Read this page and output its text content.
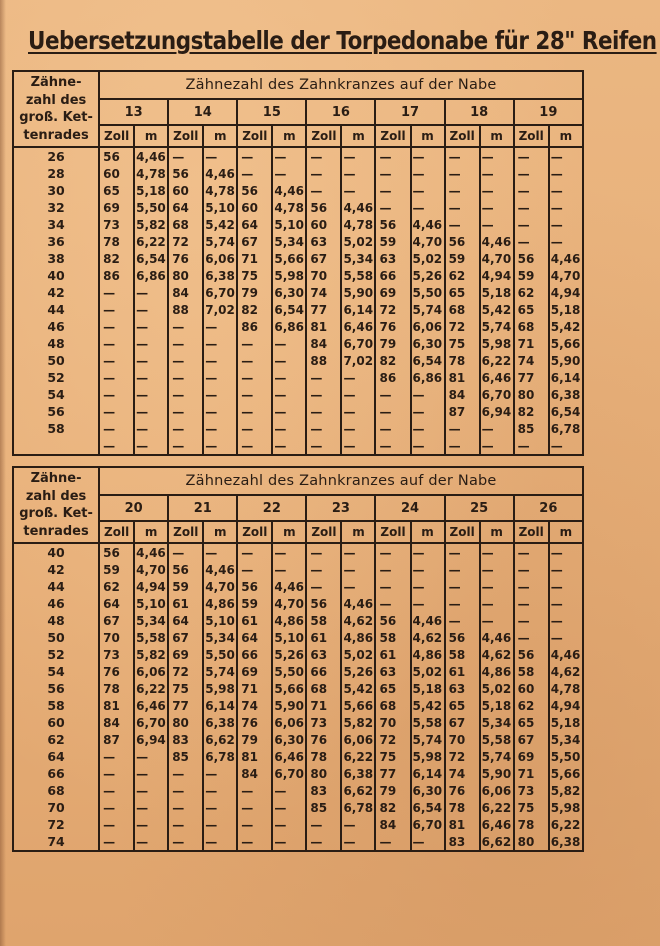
Uebersetzungstabelle der Torpedonabe für 28" Reifen
Zähne-
zahl des
groß. Ket-
tenrades	Zähnezahl des Zahnkranzes auf der Nabe													
	13		14		15		16		17		18		19	
	Zoll	m	Zoll	m	Zoll	m	Zoll	m	Zoll	m	Zoll	m	Zoll	m
26	56	4,46	—	—	—	—	—	—	—	—	—	—	—	—
28	60	4,78	56	4,46	—	—	—	—	—	—	—	—	—	—
30	65	5,18	60	4,78	56	4,46	—	—	—	—	—	—	—	—
32	69	5,50	64	5,10	60	4,78	56	4,46	—	—	—	—	—	—
34	73	5,82	68	5,42	64	5,10	60	4,78	56	4,46	—	—	—	—
36	78	6,22	72	5,74	67	5,34	63	5,02	59	4,70	56	4,46	—	—
38	82	6,54	76	6,06	71	5,66	67	5,34	63	5,02	59	4,70	56	4,46
40	86	6,86	80	6,38	75	5,98	70	5,58	66	5,26	62	4,94	59	4,70
42	—	—	84	6,70	79	6,30	74	5,90	69	5,50	65	5,18	62	4,94
44	—	—	88	7,02	82	6,54	77	6,14	72	5,74	68	5,42	65	5,18
46	—	—	—	—	86	6,86	81	6,46	76	6,06	72	5,74	68	5,42
48	—	—	—	—	—	—	84	6,70	79	6,30	75	5,98	71	5,66
50	—	—	—	—	—	—	88	7,02	82	6,54	78	6,22	74	5,90
52	—	—	—	—	—	—	—	—	86	6,86	81	6,46	77	6,14
54	—	—	—	—	—	—	—	—	—	—	84	6,70	80	6,38
56	—	—	—	—	—	—	—	—	—	—	87	6,94	82	6,54
58	—	—	—	—	—	—	—	—	—	—	—	—	85	6,78
	—	—	—	—	—	—	—	—	—	—	—	—	—	—
Zähne-
zahl des
groß. Ket-
tenrades	Zähnezahl des Zahnkranzes auf der Nabe													
	20		21		22		23		24		25		26	
	Zoll	m	Zoll	m	Zoll	m	Zoll	m	Zoll	m	Zoll	m	Zoll	m
40	56	4,46	—	—	—	—	—	—	—	—	—	—	—	—
42	59	4,70	56	4,46	—	—	—	—	—	—	—	—	—	—
44	62	4,94	59	4,70	56	4,46	—	—	—	—	—	—	—	—
46	64	5,10	61	4,86	59	4,70	56	4,46	—	—	—	—	—	—
48	67	5,34	64	5,10	61	4,86	58	4,62	56	4,46	—	—	—	—
50	70	5,58	67	5,34	64	5,10	61	4,86	58	4,62	56	4,46	—	—
52	73	5,82	69	5,50	66	5,26	63	5,02	61	4,86	58	4,62	56	4,46
54	76	6,06	72	5,74	69	5,50	66	5,26	63	5,02	61	4,86	58	4,62
56	78	6,22	75	5,98	71	5,66	68	5,42	65	5,18	63	5,02	60	4,78
58	81	6,46	77	6,14	74	5,90	71	5,66	68	5,42	65	5,18	62	4,94
60	84	6,70	80	6,38	76	6,06	73	5,82	70	5,58	67	5,34	65	5,18
62	87	6,94	83	6,62	79	6,30	76	6,06	72	5,74	70	5,58	67	5,34
64	—	—	85	6,78	81	6,46	78	6,22	75	5,98	72	5,74	69	5,50
66	—	—	—	—	84	6,70	80	6,38	77	6,14	74	5,90	71	5,66
68	—	—	—	—	—	—	83	6,62	79	6,30	76	6,06	73	5,82
70	—	—	—	—	—	—	85	6,78	82	6,54	78	6,22	75	5,98
72	—	—	—	—	—	—	—	—	84	6,70	81	6,46	78	6,22
74	—	—	—	—	—	—	—	—	—	—	83	6,62	80	6,38
